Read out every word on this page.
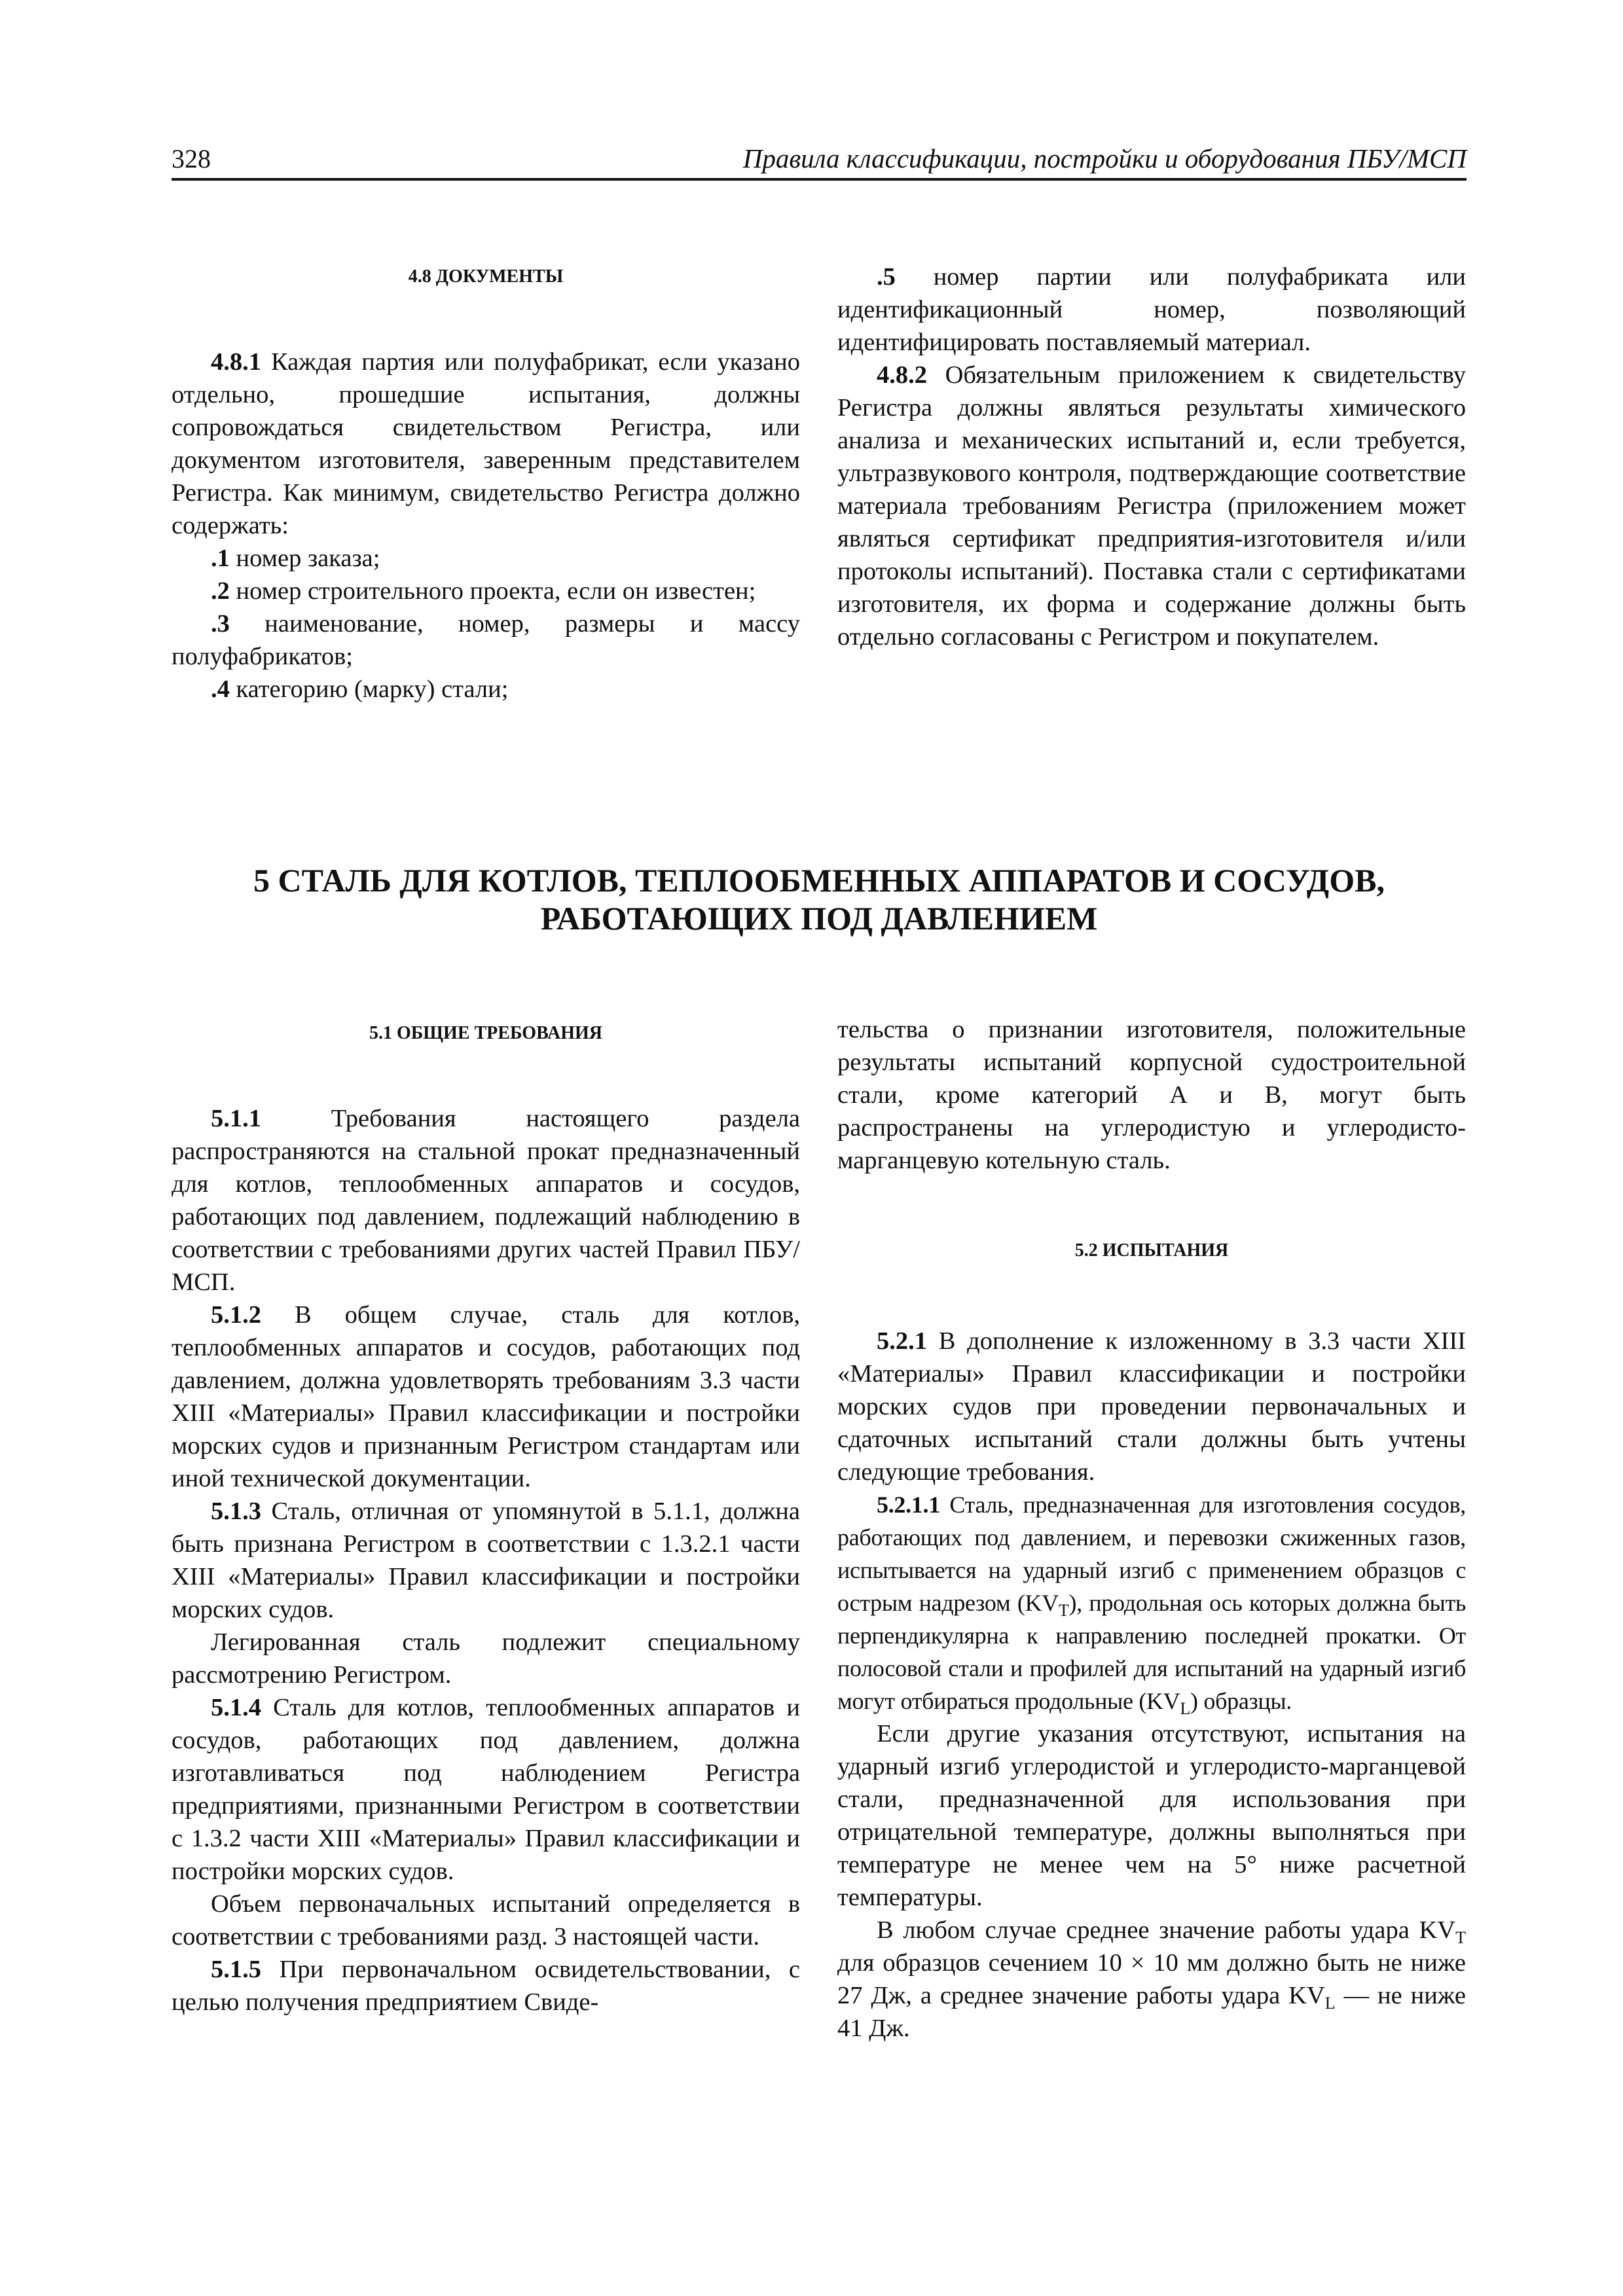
328	Правила классификации, постройки и оборудования ПБУ/МСП
4.8 ДОКУМЕНТЫ

4.8.1 Каждая партия или полуфабрикат, если указано отдельно, прошедшие испытания, должны сопровождаться свидетельством Регистра, или документом изготовителя, заверенным представителем Регистра. Как минимум, свидетельство Регистра должно содержать:

.1 номер заказа;

.2 номер строительного проекта, если он известен;

.3 наименование, номер, размеры и массу полуфабрикатов;

.4 категорию (марку) стали;

.5 номер партии или полуфабриката или идентификационный номер, позволяющий идентифицировать поставляемый материал.

4.8.2 Обязательным приложением к свидетельству Регистра должны являться результаты химического анализа и механических испытаний и, если требуется, ультразвукового контроля, подтверждающие соответствие материала требованиям Регистра (приложением может являться сертификат предприятия-изготовителя и/или протоколы испытаний). Поставка стали с сертификатами изготовителя, их форма и содержание должны быть отдельно согласованы с Регистром и покупателем.

5 СТАЛЬ ДЛЯ КОТЛОВ, ТЕПЛООБМЕННЫХ АППАРАТОВ И СОСУДОВ,
РАБОТАЮЩИХ ПОД ДАВЛЕНИЕМ
5.1 ОБЩИЕ ТРЕБОВАНИЯ

5.1.1 Требования настоящего раздела распространяются на стальной прокат предназначенный для котлов, теплообменных аппаратов и сосудов, работающих под давлением, подлежащий наблюдению в соответствии с требованиями других частей Правил ПБУ/МСП.

5.1.2 В общем случае, сталь для котлов, теплообменных аппаратов и сосудов, работающих под давлением, должна удовлетворять требованиям 3.3 части XIII «Материалы» Правил классификации и постройки морских судов и признанным Регистром стандартам или иной технической документации.

5.1.3 Сталь, отличная от упомянутой в 5.1.1, должна быть признана Регистром в соответствии с 1.3.2.1 части XIII «Материалы» Правил классификации и постройки морских судов.

Легированная сталь подлежит специальному рассмотрению Регистром.

5.1.4 Сталь для котлов, теплообменных аппаратов и сосудов, работающих под давлением, должна изготавливаться под наблюдением Регистра предприятиями, признанными Регистром в соответствии с 1.3.2 части XIII «Материалы» Правил классификации и постройки морских судов.

Объем первоначальных испытаний определяется в соответствии с требованиями разд. 3 настоящей части.

5.1.5 При первоначальном освидетельствовании, с целью получения предприятием Свиде-

тельства о признании изготовителя, положительные результаты испытаний корпусной судостроительной стали, кроме категорий А и В, могут быть распространены на углеродистую и углеродисто-марганцевую котельную сталь.

5.2 ИСПЫТАНИЯ

5.2.1 В дополнение к изложенному в 3.3 части XIII «Материалы» Правил классификации и постройки морских судов при проведении первоначальных и сдаточных испытаний стали должны быть учтены следующие требования.

5.2.1.1 Сталь, предназначенная для изготовления сосудов, работающих под давлением, и перевозки сжиженных газов, испытывается на ударный изгиб с применением образцов с острым надрезом $(KV_T)$, продольная ось которых должна быть перпендикулярна к направлению последней прокатки. От полосовой стали и профилей для испытаний на ударный изгиб могут отбираться продольные $(KV_L)$ образцы.

Если другие указания отсутствуют, испытания на ударный изгиб углеродистой и углеродисто-марганцевой стали, предназначенной для использования при отрицательной температуре, должны выполняться при температуре не менее чем на 5° ниже расчетной температуры.

В любом случае среднее значение работы удара $KV_T$ для образцов сечением 10 × 10 мм должно быть не ниже 27 Дж, а среднее значение работы удара $KV_L$ — не ниже 41 Дж.
